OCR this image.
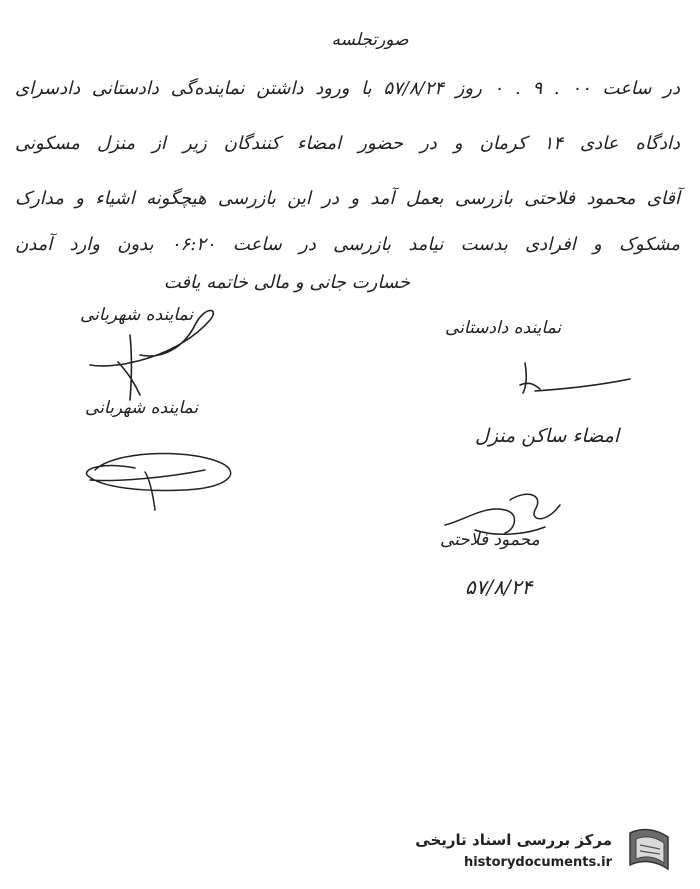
صورتجلسه
در ساعت ۰۰ . ۹ . ۰ روز ۵۷/۸/۲۴ با ورود داشتن نماینده‌گی دادستانی دادسرای
دادگاه عادی ۱۴ کرمان و در حضور امضاء کنندگان زیر از منزل مسکونی
آقای محمود فلاحتی بازرسی بعمل آمد و در این بازرسی هیچگونه اشیاء و مدارک
مشکوک و افرادی بدست نیامد بازرسی در ساعت ۰۶:۲۰ بدون وارد آمدن
خسارت جانی و مالی خاتمه یافت
نماینده شهربانی
نماینده شهربانی
نماینده دادستانی
امضاء ساکن منزل
محمود فلاحتی
۵۷/۸/۲۴
مرکز بررسی اسناد تاریخی
historydocuments.ir
